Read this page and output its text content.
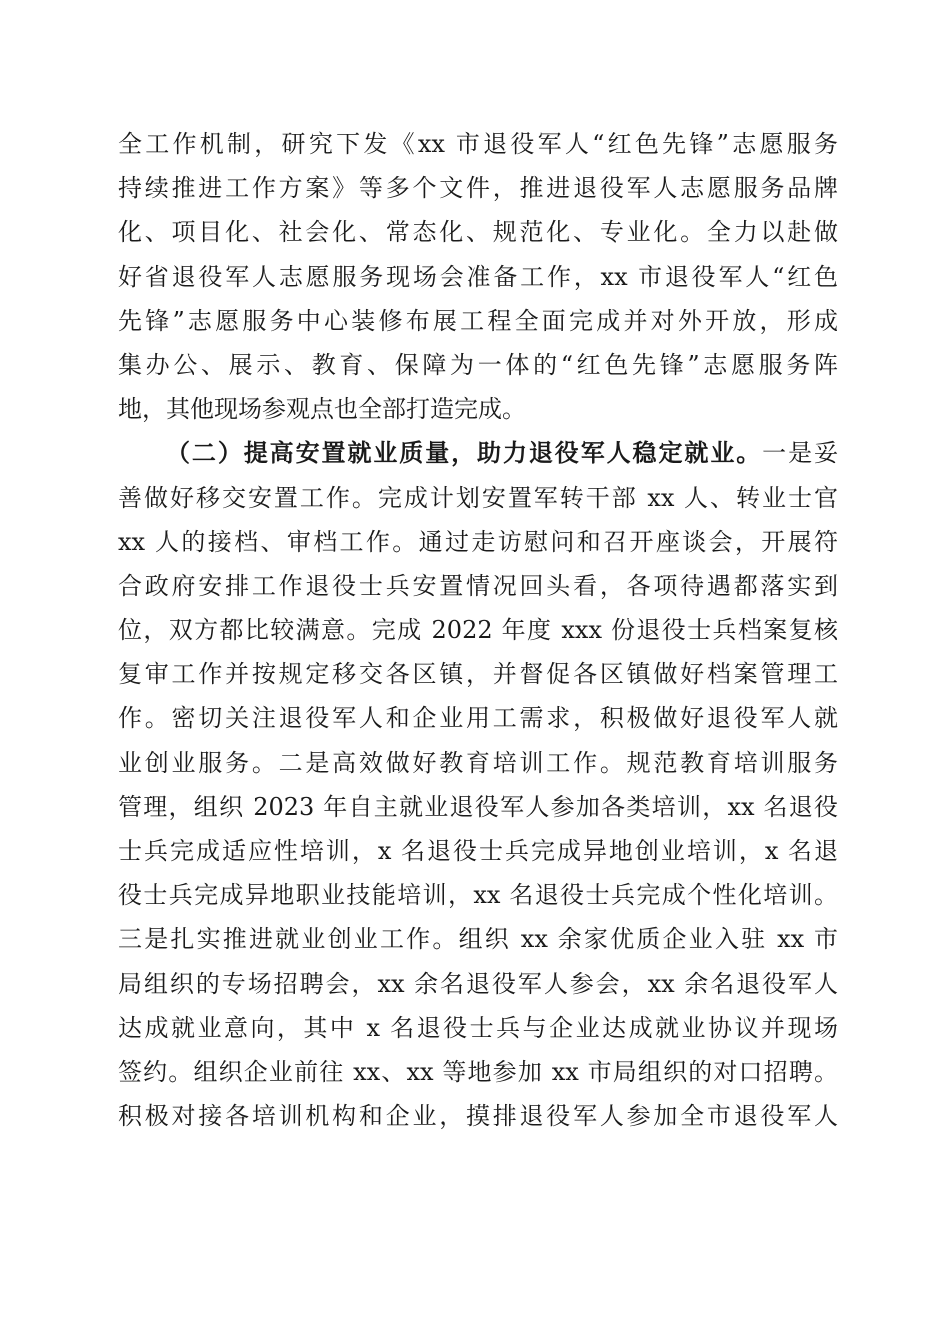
全工作机制，研究下发《xx 市退役军人“红色先锋”志愿服务
持续推进工作方案》等多个文件，推进退役军人志愿服务品牌
化、项目化、社会化、常态化、规范化、专业化。全力以赴做
好省退役军人志愿服务现场会准备工作，xx 市退役军人“红色
先锋”志愿服务中心装修布展工程全面完成并对外开放，形成
集办公、展示、教育、保障为一体的“红色先锋”志愿服务阵
地，其他现场参观点也全部打造完成。
（二）提高安置就业质量，助力退役军人稳定就业。一是妥
善做好移交安置工作。完成计划安置军转干部 xx 人、转业士官
xx 人的接档、审档工作。通过走访慰问和召开座谈会，开展符
合政府安排工作退役士兵安置情况回头看，各项待遇都落实到
位，双方都比较满意。完成 2022 年度 xxx 份退役士兵档案复核
复审工作并按规定移交各区镇，并督促各区镇做好档案管理工
作。密切关注退役军人和企业用工需求，积极做好退役军人就
业创业服务。二是高效做好教育培训工作。规范教育培训服务
管理，组织 2023 年自主就业退役军人参加各类培训，xx 名退役
士兵完成适应性培训，x 名退役士兵完成异地创业培训，x 名退
役士兵完成异地职业技能培训，xx 名退役士兵完成个性化培训。
三是扎实推进就业创业工作。组织 xx 余家优质企业入驻 xx 市
局组织的专场招聘会，xx 余名退役军人参会，xx 余名退役军人
达成就业意向，其中 x 名退役士兵与企业达成就业协议并现场
签约。组织企业前往 xx、xx 等地参加 xx 市局组织的对口招聘。
积极对接各培训机构和企业，摸排退役军人参加全市退役军人
